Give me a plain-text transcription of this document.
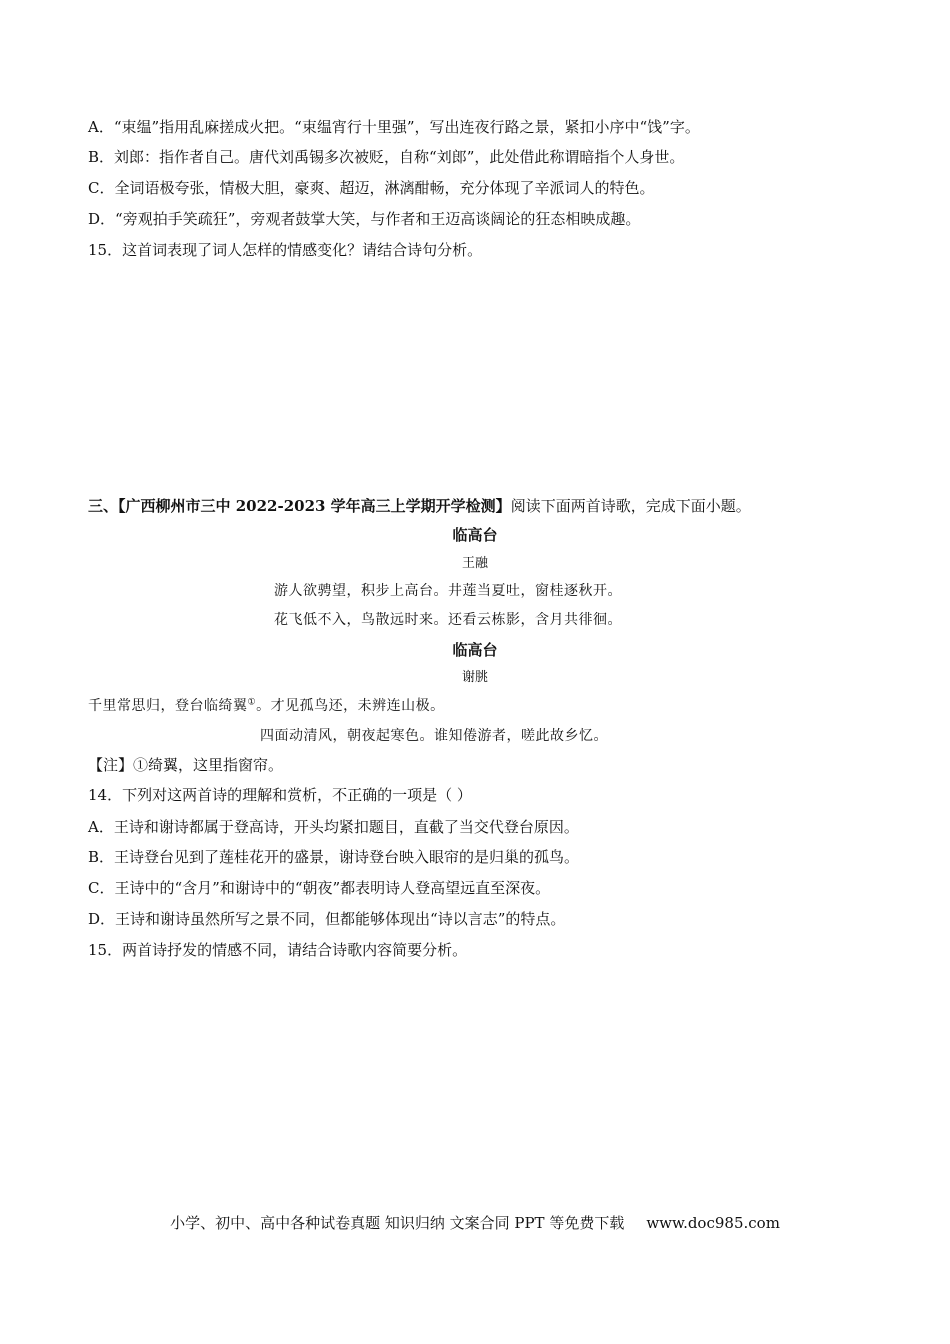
A．“束缊”指用乱麻搓成火把。“束缊宵行十里强”，写出连夜行路之景，紧扣小序中“饯”字。
B．刘郎：指作者自己。唐代刘禹锡多次被贬，自称“刘郎”，此处借此称谓暗指个人身世。
C．全词语极夸张，情极大胆，豪爽、超迈，淋漓酣畅，充分体现了辛派词人的特色。
D．“旁观拍手笑疏狂”，旁观者鼓掌大笑，与作者和王迈高谈阔论的狂态相映成趣。
15．这首词表现了词人怎样的情感变化？请结合诗句分析。
三、【广西柳州市三中 2022-2023 学年高三上学期开学检测】阅读下面两首诗歌，完成下面小题。
临高台
王融
游人欲骋望，积步上高台。井莲当夏吐，窗桂逐秋开。
花飞低不入，鸟散远时来。还看云栋影，含月共徘徊。
临高台
谢朓
千里常思归，登台临绮翼①。才见孤鸟还，未辨连山极。
四面动清风，朝夜起寒色。谁知倦游者，嗟此故乡忆。
【注】①绮翼，这里指窗帘。
14．下列对这两首诗的理解和赏析，不正确的一项是（ ）
A．王诗和谢诗都属于登高诗，开头均紧扣题目，直截了当交代登台原因。
B．王诗登台见到了莲桂花开的盛景，谢诗登台映入眼帘的是归巢的孤鸟。
C．王诗中的“含月”和谢诗中的“朝夜”都表明诗人登高望远直至深夜。
D．王诗和谢诗虽然所写之景不同，但都能够体现出“诗以言志”的特点。
15．两首诗抒发的情感不同，请结合诗歌内容简要分析。
小学、初中、高中各种试卷真题 知识归纳 文案合同 PPT 等免费下载 www.doc985.com
